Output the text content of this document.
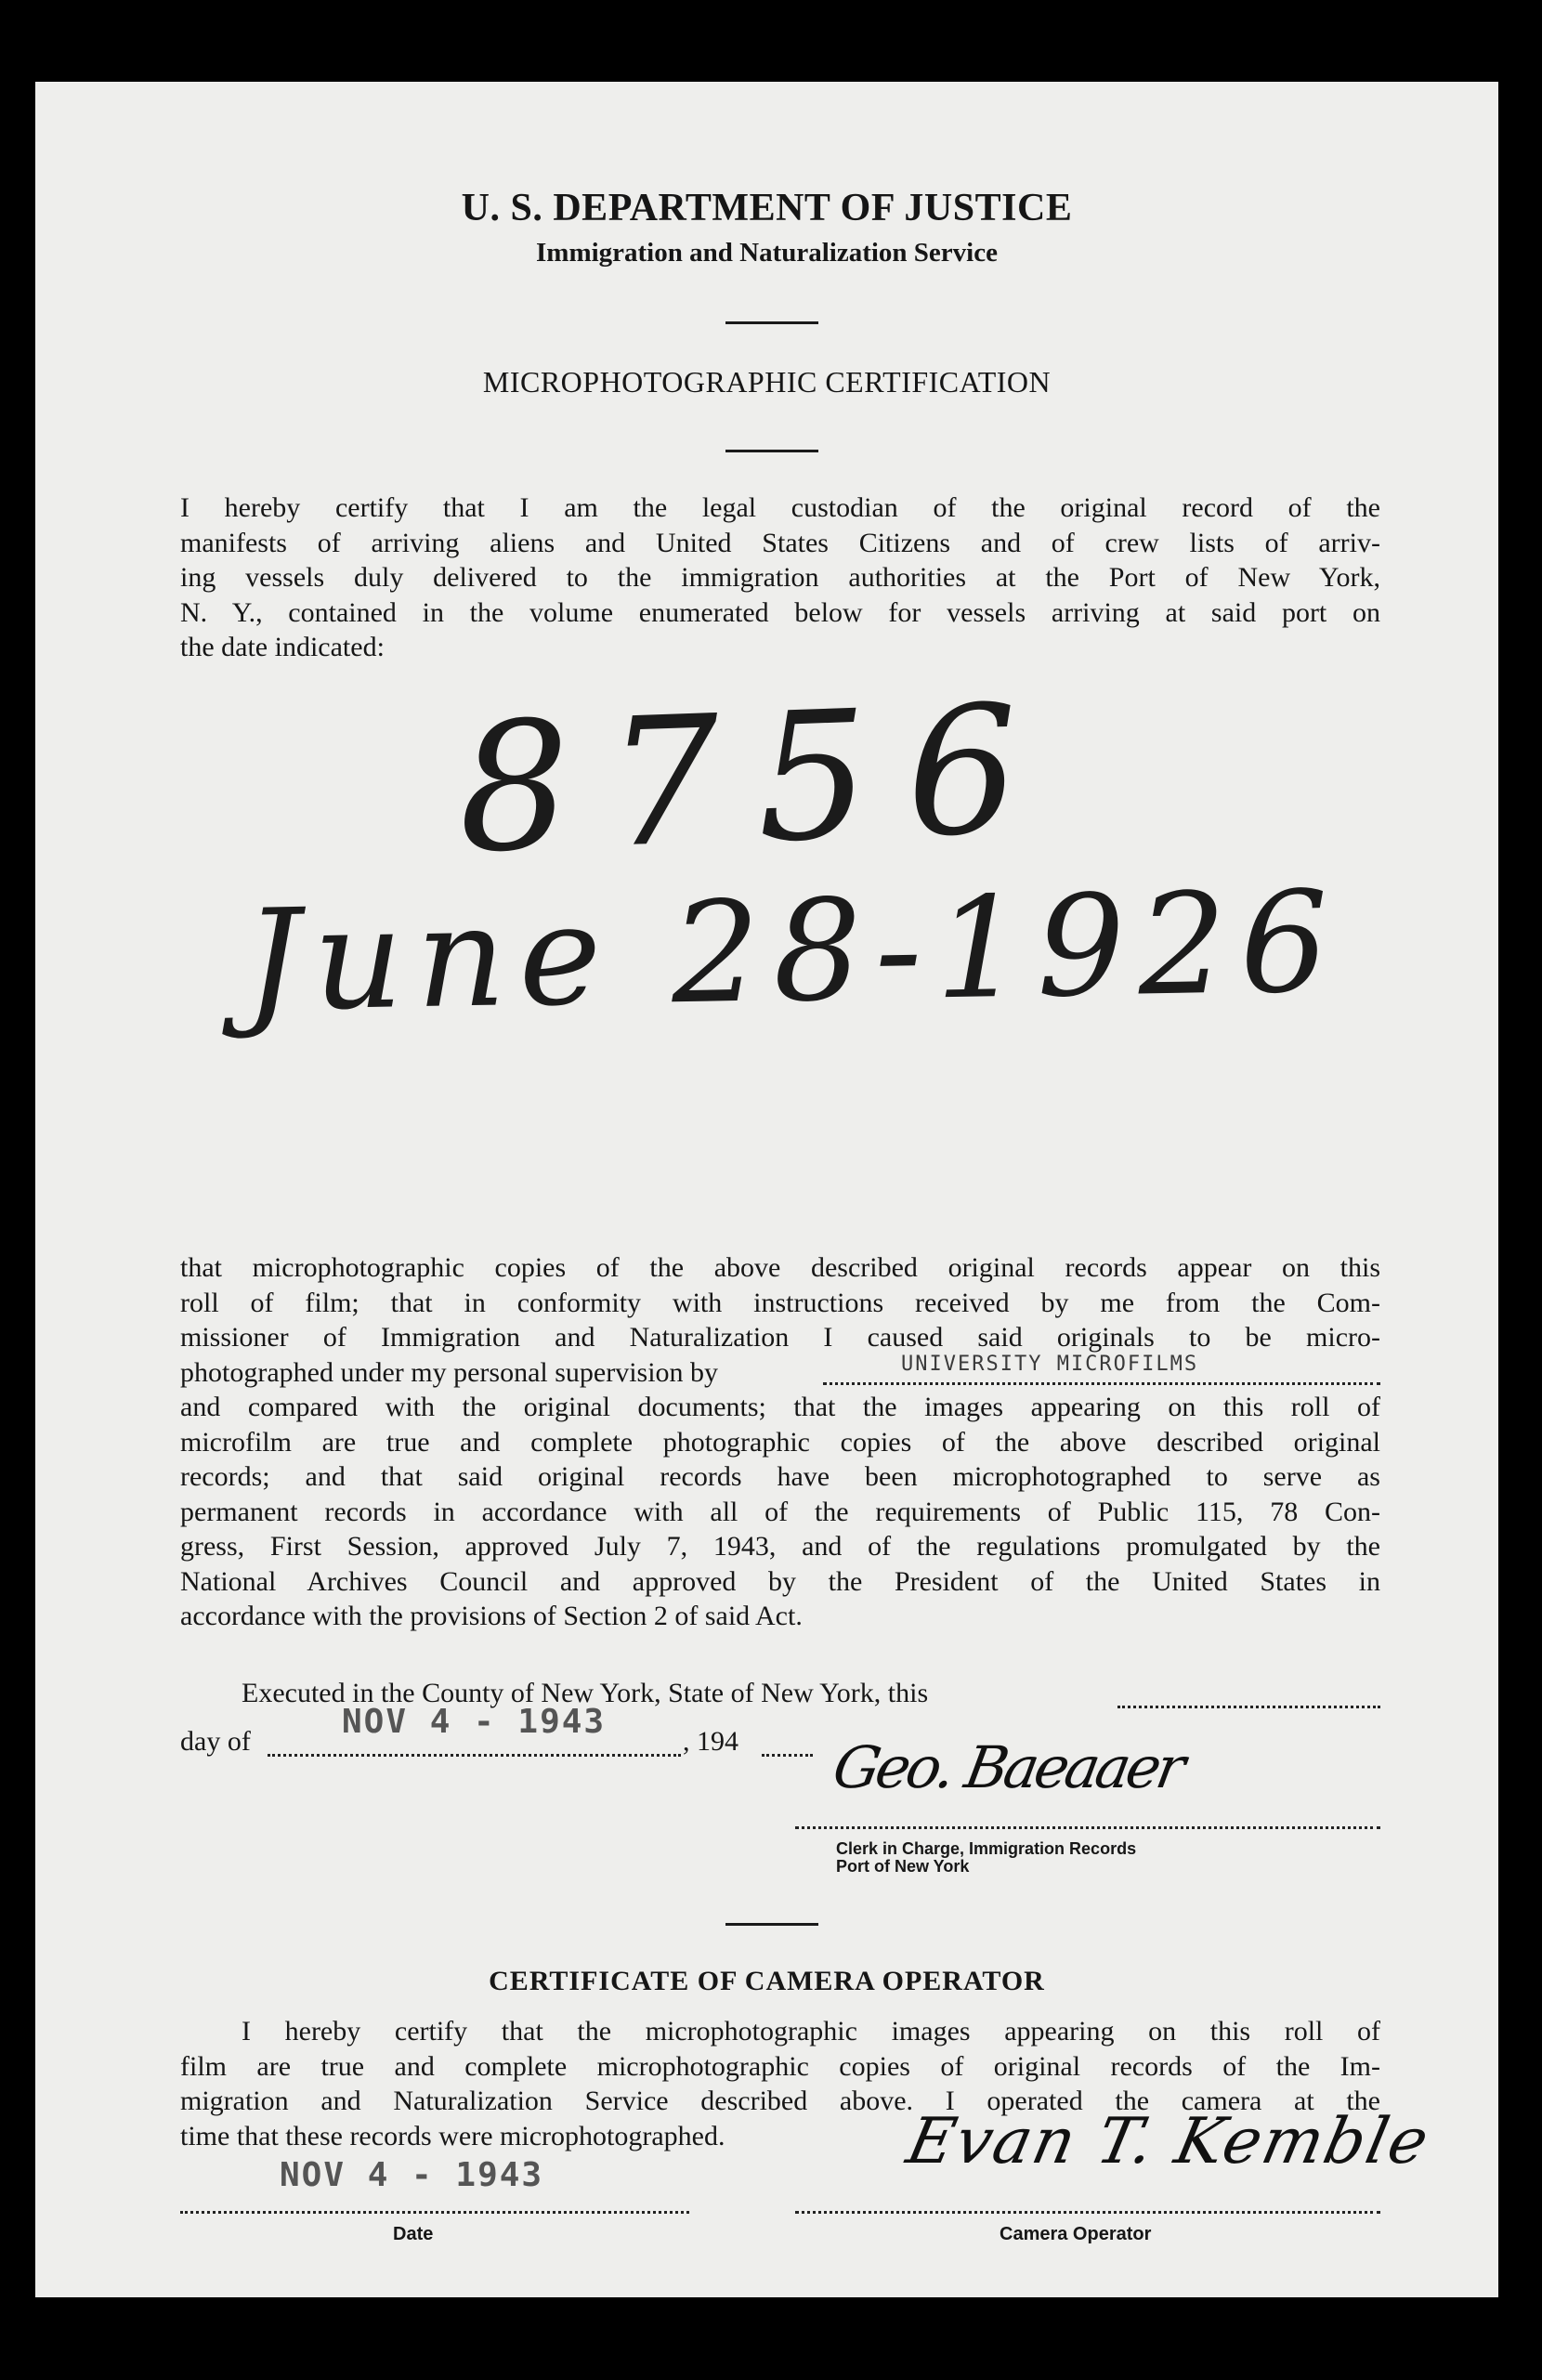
U. S. DEPARTMENT OF JUSTICE
Immigration and Naturalization Service
MICROPHOTOGRAPHIC CERTIFICATION
I hereby certify that I am the legal custodian of the original record of the
manifests of arriving aliens and United States Citizens and of crew lists of arriv-
ing vessels duly delivered to the immigration authorities at the Port of New York,
N. Y., contained in the volume enumerated below for vessels arriving at said port on
the date indicated:
8756
June 28-1926
that microphotographic copies of the above described original records appear on this
roll of film; that in conformity with instructions received by me from the Com-
missioner of Immigration and Naturalization I caused said originals to be micro-
photographed under my personal supervision by
and compared with the original documents; that the images appearing on this roll of
microfilm are true and complete photographic copies of the above described original
records; and that said original records have been microphotographed to serve as
permanent records in accordance with all of the requirements of Public 115, 78 Con-
gress, First Session, approved July 7, 1943, and of the regulations promulgated by the
National Archives Council and approved by the President of the United States in
accordance with the provisions of Section 2 of said Act.
UNIVERSITY MICROFILMS
Executed in the County of New York, State of New York, this
day of	, 194
NOV 4 - 1943
Geo. Baeaaer
Clerk in Charge, Immigration Records
Port of New York
CERTIFICATE OF CAMERA OPERATOR
I hereby certify that the microphotographic images appearing on this roll of
film are true and complete microphotographic copies of original records of the Im-
migration and Naturalization Service described above. I operated the camera at the
time that these records were microphotographed.
NOV 4 - 1943	Evan T. Kemble
Date	Camera Operator
